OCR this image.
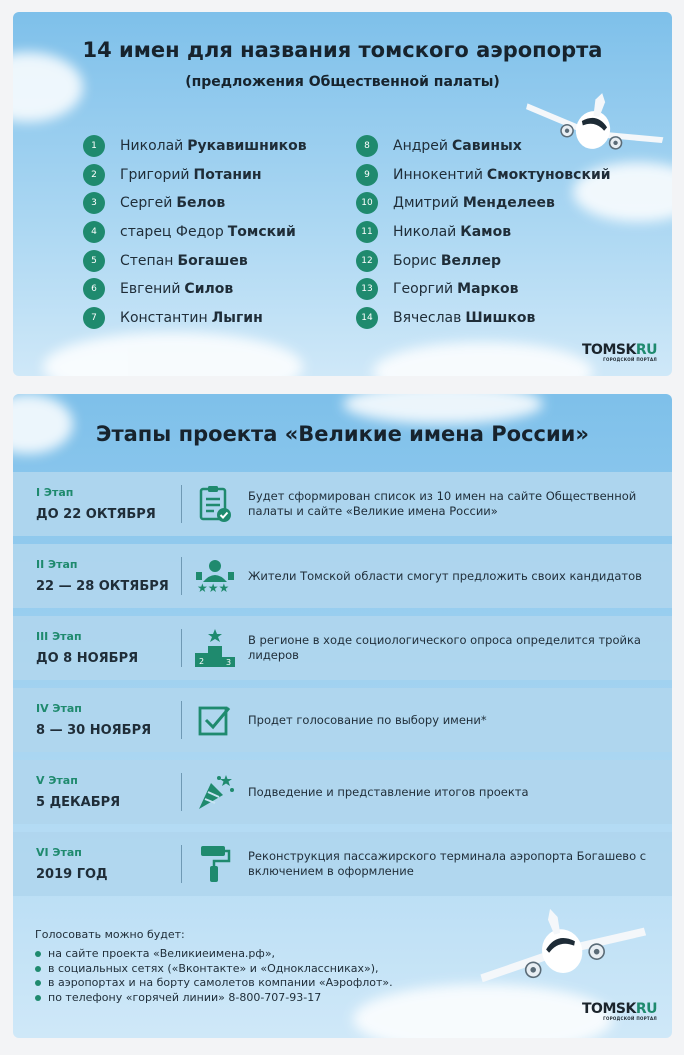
14 имен для названия томского аэропорта
(предложения Общественной палаты)
1	Николай Рукавишников
2	Григорий Потанин
3	Сергей Белов
4	старец Федор Томский
5	Степан Богашев
6	Евгений Силов
7	Константин Лыгин
8	Андрей Савиных
9	Иннокентий Смоктуновский
10	Дмитрий Менделеев
11	Николай Камов
12	Борис Веллер
13	Георгий Марков
14	Вячеслав Шишков
TOMSKRU
ГОРОДСКОЙ ПОРТАЛ
Этапы проекта «Великие имена России»
I Этап
ДО 22 ОКТЯБРЯ
Будет сформирован список из 10 имен на сайте Общественной палаты и сайте «Великие имена России»
II Этап
22 — 28 ОКТЯБРЯ	★★★
Жители Томской области смогут предложить своих кандидатов
III Этап
ДО 8 НОЯБРЯ	2	3
В регионе в ходе социологического опроса определится тройка лидеров
IV Этап
8 — 30 НОЯБРЯ
Продет голосование по выбору имени*
V Этап
5 ДЕКАБРЯ
Подведение и представление итогов проекта
VI Этап
2019 ГОД
Реконструкция пассажирского терминала аэропорта Богашево с включением в оформление
Голосовать можно будет:
на сайте проекта «Великиеимена.рф»,
в социальных сетях («Вконтакте» и «Одноклассниках»),
в аэропортах и на борту самолетов компании «Аэрофлот».
по телефону «горячей линии» 8-800-707-93-17
TOMSKRU
ГОРОДСКОЙ ПОРТАЛ
